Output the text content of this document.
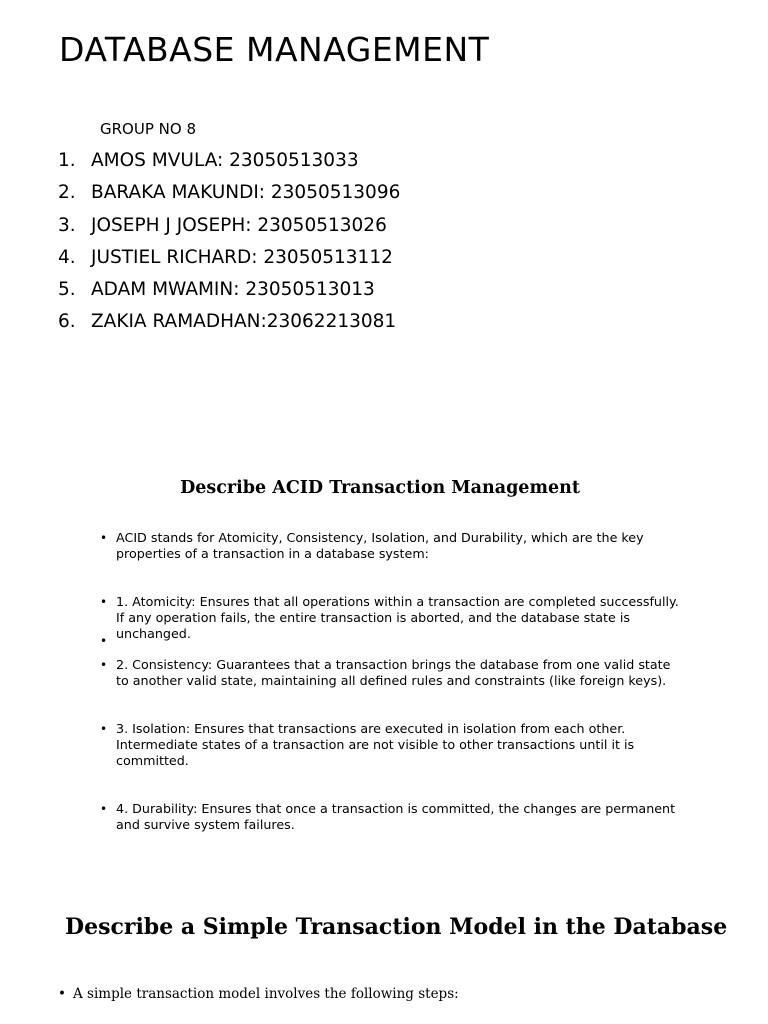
DATABASE MANAGEMENT
GROUP NO 8
1. AMOS MVULA: 23050513033
2. BARAKA MAKUNDI: 23050513096
3. JOSEPH J JOSEPH: 23050513026
4. JUSTIEL RICHARD: 23050513112
5. ADAM MWAMIN: 23050513013
6. ZAKIA RAMADHAN:23062213081
Describe ACID Transaction Management
• ACID stands for Atomicity, Consistency, Isolation, and Durability, which are the key properties of a transaction in a database system:
• 1. Atomicity: Ensures that all operations within a transaction are completed successfully. If any operation fails, the entire transaction is aborted, and the database state is unchanged.
•
• 2. Consistency: Guarantees that a transaction brings the database from one valid state to another valid state, maintaining all defined rules and constraints (like foreign keys).
• 3. Isolation: Ensures that transactions are executed in isolation from each other. Intermediate states of a transaction are not visible to other transactions until it is committed.
• 4. Durability: Ensures that once a transaction is committed, the changes are permanent and survive system failures.
Describe a Simple Transaction Model in the Database
• A simple transaction model involves the following steps:
